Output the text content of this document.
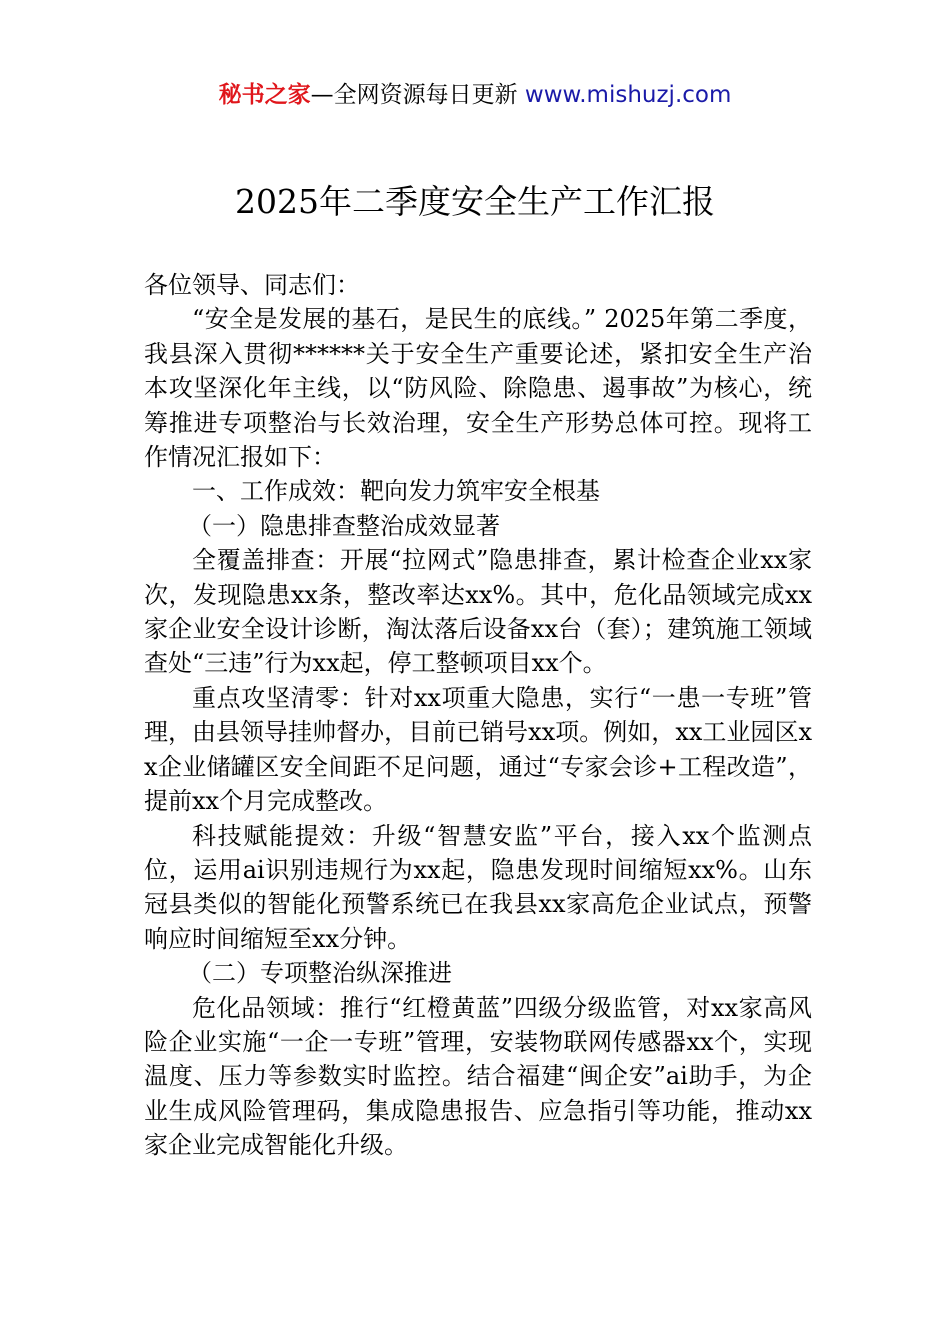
秘书之家—全网资源每日更新 www.mishuzj.com
2025年二季度安全生产工作汇报

各位领导、同志们：

“安全是发展的基石，是民生的底线。” 2025年第二季度，我县深入贯彻******关于安全生产重要论述，紧扣安全生产治本攻坚深化年主线，以“防风险、除隐患、遏事故”为核心，统筹推进专项整治与长效治理，安全生产形势总体可控。现将工作情况汇报如下：

一、工作成效：靶向发力筑牢安全根基

（一）隐患排查整治成效显著

全覆盖排查：开展“拉网式”隐患排查，累计检查企业xx家次，发现隐患xx条，整改率达xx%。其中，危化品领域完成xx家企业安全设计诊断，淘汰落后设备xx台（套）；建筑施工领域查处“三违”行为xx起，停工整顿项目xx个。

重点攻坚清零：针对xx项重大隐患，实行“一患一专班”管理，由县领导挂帅督办，目前已销号xx项。例如，xx工业园区xx企业储罐区安全间距不足问题，通过“专家会诊+工程改造”，提前xx个月完成整改。

科技赋能提效：升级“智慧安监”平台，接入xx个监测点位，运用ai识别违规行为xx起，隐患发现时间缩短xx%。山东冠县类似的智能化预警系统已在我县xx家高危企业试点，预警响应时间缩短至xx分钟。

（二）专项整治纵深推进

危化品领域：推行“红橙黄蓝”四级分级监管，对xx家高风险企业实施“一企一专班”管理，安装物联网传感器xx个，实现温度、压力等参数实时监控。结合福建“闽企安”ai助手，为企业生成风险管理码，集成隐患报告、应急指引等功能，推动xx家企业完成智能化升级。
